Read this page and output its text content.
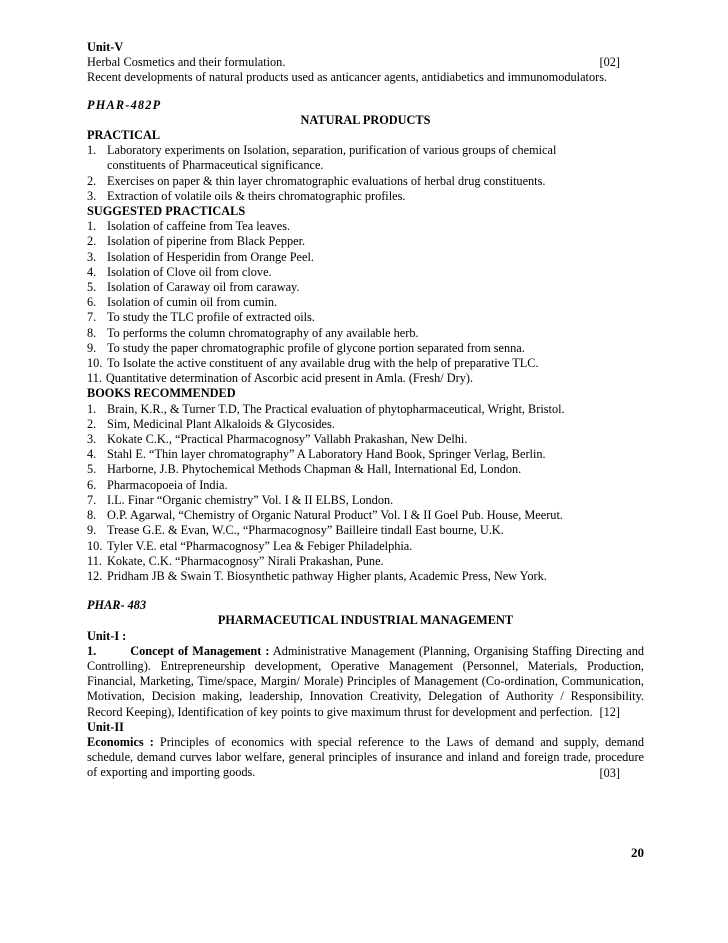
Unit-V
Herbal Cosmetics and their formulation.	[02]
Recent developments of natural products used as anticancer agents, antidiabetics and immunomodulators.
PHAR-482P
NATURAL PRODUCTS
PRACTICAL
1. Laboratory experiments on Isolation, separation, purification of various groups of chemical
constituents of Pharmaceutical significance.
2. Exercises on paper & thin layer chromatographic evaluations of herbal drug constituents.
3. Extraction of volatile oils & theirs chromatographic profiles.
SUGGESTED PRACTICALS
1. Isolation of caffeine from Tea leaves.
2. Isolation of piperine from Black Pepper.
3. Isolation of Hesperidin from Orange Peel.
4. Isolation of Clove oil from clove.
5. Isolation of Caraway oil from caraway.
6. Isolation of cumin oil from cumin.
7. To study the TLC profile of extracted oils.
8. To performs the column chromatography of any available herb.
9. To study the paper chromatographic profile of glycone portion separated from senna.
10. To Isolate the active constituent of any available drug with the help of preparative TLC.
11. Quantitative determination of Ascorbic acid present in Amla. (Fresh/ Dry).
BOOKS RECOMMENDED
1. Brain, K.R., & Turner T.D, The Practical evaluation of phytopharmaceutical, Wright, Bristol.
2. Sim, Medicinal Plant Alkaloids & Glycosides.
3. Kokate C.K., “Practical Pharmacognosy” Vallabh Prakashan, New Delhi.
4. Stahl E. “Thin layer chromatography” A Laboratory Hand Book, Springer Verlag, Berlin.
5. Harborne, J.B. Phytochemical Methods Chapman & Hall, International Ed, London.
6. Pharmacopoeia of India.
7. I.L. Finar “Organic chemistry” Vol. I & II ELBS, London.
8. O.P. Agarwal, “Chemistry of Organic Natural Product” Vol. I & II Goel Pub. House, Meerut.
9. Trease G.E. & Evan, W.C., “Pharmacognosy” Bailleire tindall East bourne, U.K.
10. Tyler V.E. etal “Pharmacognosy” Lea & Febiger Philadelphia.
11. Kokate, C.K. “Pharmacognosy” Nirali Prakashan, Pune.
12. Pridham JB & Swain T. Biosynthetic pathway Higher plants, Academic Press, New York.
PHAR- 483
PHARMACEUTICAL INDUSTRIAL MANAGEMENT
Unit-I :
1.	Concept of Management : Administrative Management (Planning, Organising Staffing Directing and Controlling). Entrepreneurship development, Operative Management (Personnel, Materials, Production, Financial, Marketing, Time/space, Margin/ Morale) Principles of Management (Co-ordination, Communication, Motivation, Decision making, leadership, Innovation Creativity, Delegation of Authority / Responsibility. Record Keeping), Identification of key points to give maximum thrust for development and perfection. [12]
Unit-II
Economics : Principles of economics with special reference to the Laws of demand and supply, demand schedule, demand curves labor welfare, general principles of insurance and inland and foreign trade, procedure of exporting and importing goods.	[03]
20
